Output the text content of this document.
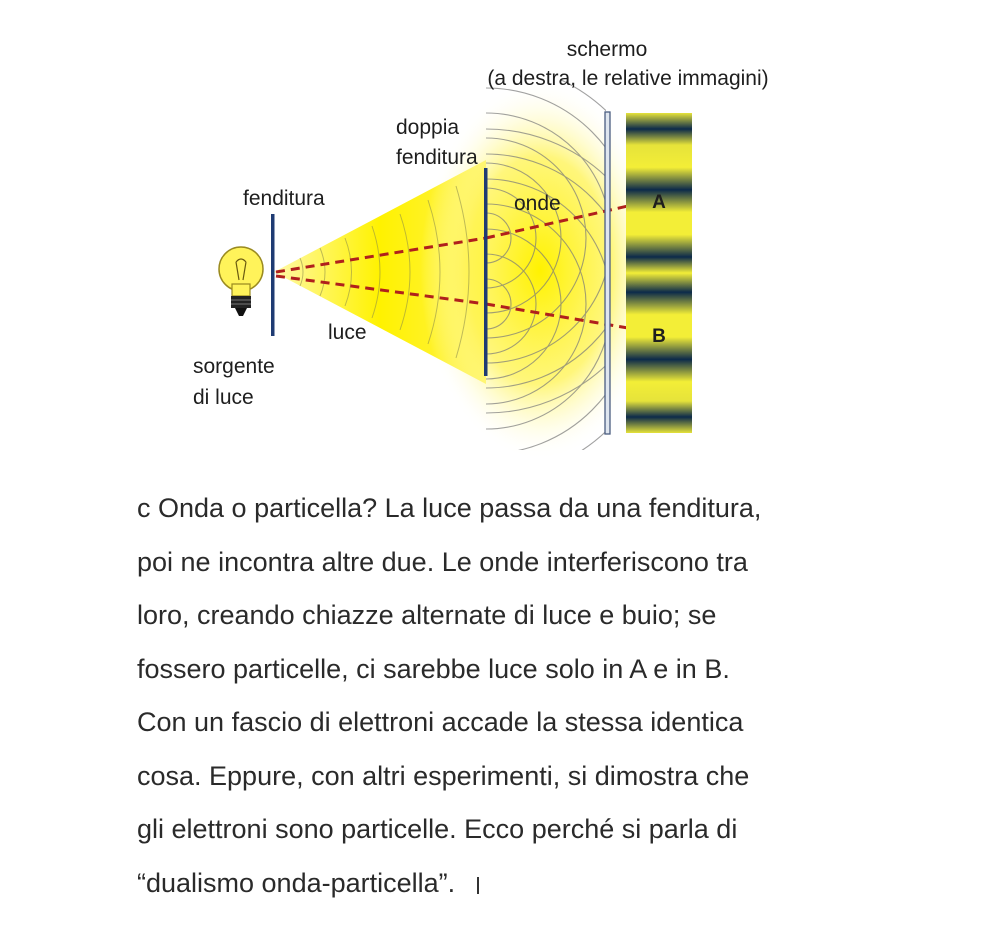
schermo
(a destra, le relative immagini)
doppia
fenditura
fenditura	onde
luce
sorgente
di luce
A
B

c Onda o particella? La luce passa da una fenditura,
poi ne incontra altre due. Le onde interferiscono tra
loro, creando chiazze alternate di luce e buio; se
fossero particelle, ci sarebbe luce solo in A e in B.
Con un fascio di elettroni accade la stessa identica
cosa. Eppure, con altri esperimenti, si dimostra che
gli elettroni sono particelle. Ecco perché si parla di
“dualismo onda-particella”.
